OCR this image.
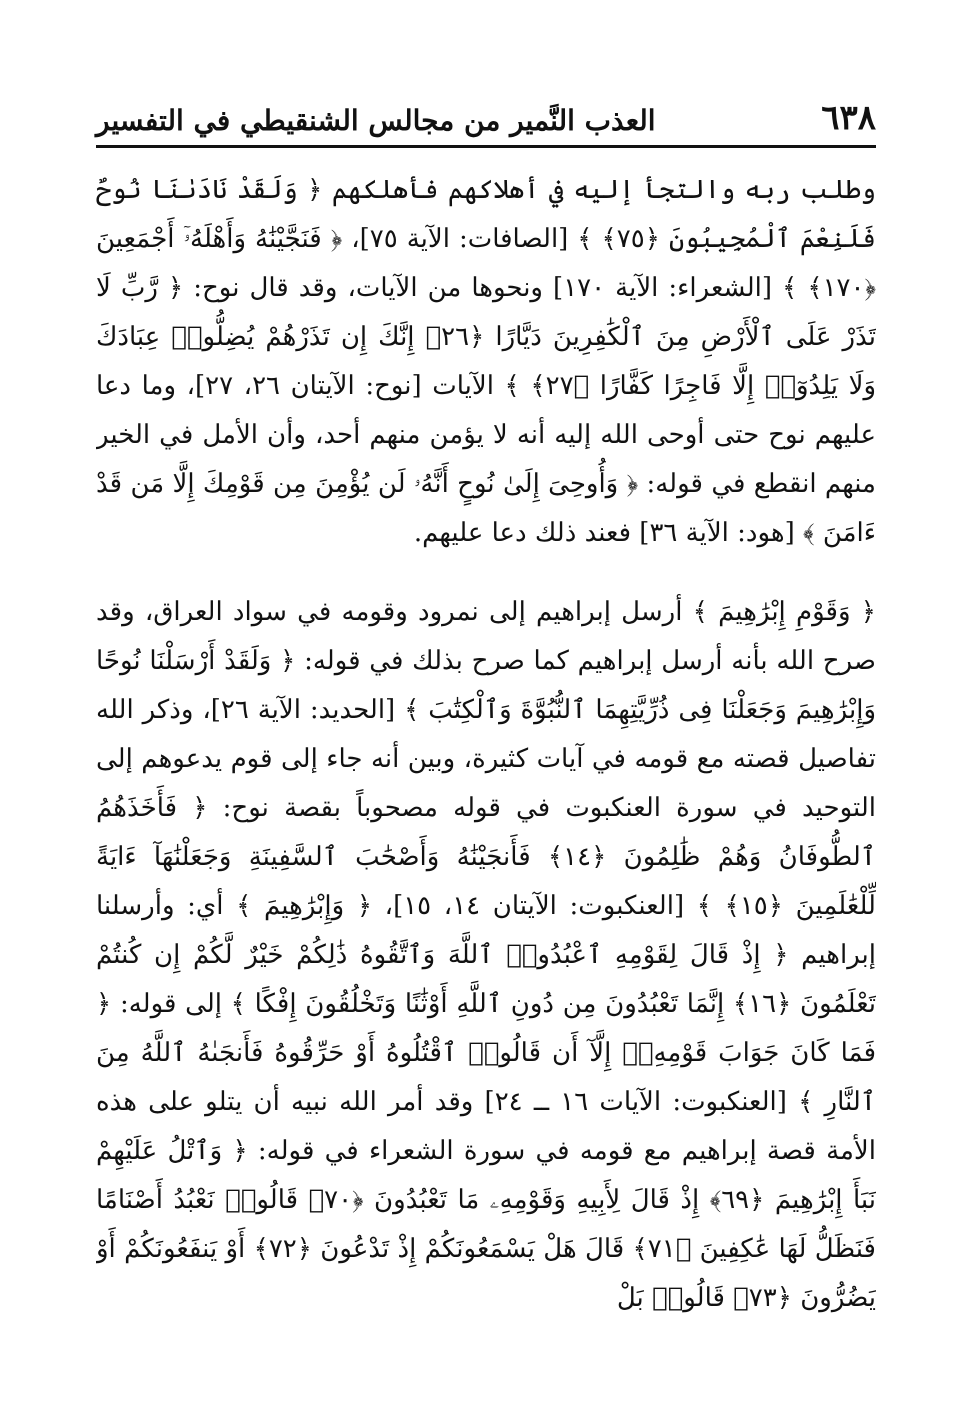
٦٣٨
العذب النَّمير من مجالس الشنقيطي في التفسير

وطلب ربه والتجأ إليه في أهلاكهم فأهلكهم ﴿ وَلَقَدْ نَادَىٰنَا نُوحٌ فَلَنِعْمَ ٱلْمُجِيبُونَ ﴿٧٥﴾ ﴾ [الصافات: الآية ٧٥]، ﴿ فَنَجَّيْنَٰهُ وَأَهْلَهُۥٓ أَجْمَعِينَ ﴿١٧٠﴾ ﴾ [الشعراء: الآية ١٧٠] ونحوها من الآيات، وقد قال نوح: ﴿ رَّبِّ لَا تَذَرْ عَلَى ٱلْأَرْضِ مِنَ ٱلْكَٰفِرِينَ دَيَّارًا ﴿٢٦﴾ إِنَّكَ إِن تَذَرْهُمْ يُضِلُّوا۟ عِبَادَكَ وَلَا يَلِدُوٓا۟ إِلَّا فَاجِرًا كَفَّارًا ﴿٢٧﴾ ﴾ الآيات [نوح: الآيتان ٢٦، ٢٧]، وما دعا عليهم نوح حتى أوحى الله إليه أنه لا يؤمن منهم أحد، وأن الأمل في الخير منهم انقطع في قوله: ﴿ وَأُوحِىَ إِلَىٰ نُوحٍ أَنَّهُۥ لَن يُؤْمِنَ مِن قَوْمِكَ إِلَّا مَن قَدْ ءَامَنَ ﴾ [هود: الآية ٣٦] فعند ذلك دعا عليهم.

﴿ وَقَوْمِ إِبْرَٰهِيمَ ﴾ أرسل إبراهيم إلى نمرود وقومه في سواد العراق، وقد صرح الله بأنه أرسل إبراهيم كما صرح بذلك في قوله: ﴿ وَلَقَدْ أَرْسَلْنَا نُوحًا وَإِبْرَٰهِيمَ وَجَعَلْنَا فِى ذُرِّيَّتِهِمَا ٱلنُّبُوَّةَ وَٱلْكِتَٰبَ ﴾ [الحديد: الآية ٢٦]، وذكر الله تفاصيل قصته مع قومه في آيات كثيرة، وبين أنه جاء إلى قوم يدعوهم إلى التوحيد في سورة العنكبوت في قوله مصحوباً بقصة نوح: ﴿ فَأَخَذَهُمُ ٱلطُّوفَانُ وَهُمْ ظَٰلِمُونَ ﴿١٤﴾ فَأَنجَيْنَٰهُ وَأَصْحَٰبَ ٱلسَّفِينَةِ وَجَعَلْنَٰهَآ ءَايَةً لِّلْعَٰلَمِينَ ﴿١٥﴾ ﴾ [العنكبوت: الآيتان ١٤، ١٥]، ﴿ وَإِبْرَٰهِيمَ ﴾ أي: وأرسلنا إبراهيم ﴿ إِذْ قَالَ لِقَوْمِهِ ٱعْبُدُوا۟ ٱللَّهَ وَٱتَّقُوهُ ذَٰلِكُمْ خَيْرٌ لَّكُمْ إِن كُنتُمْ تَعْلَمُونَ ﴿١٦﴾ إِنَّمَا تَعْبُدُونَ مِن دُونِ ٱللَّهِ أَوْثَٰنًا وَتَخْلُقُونَ إِفْكًا ﴾ إلى قوله: ﴿ فَمَا كَانَ جَوَابَ قَوْمِهِۦٓ إِلَّآ أَن قَالُوا۟ ٱقْتُلُوهُ أَوْ حَرِّقُوهُ فَأَنجَىٰهُ ٱللَّهُ مِنَ ٱلنَّارِ ﴾ [العنكبوت: الآيات ١٦ ــ ٢٤] وقد أمر الله نبيه أن يتلو على هذه الأمة قصة إبراهيم مع قومه في سورة الشعراء في قوله: ﴿ وَٱتْلُ عَلَيْهِمْ نَبَأَ إِبْرَٰهِيمَ ﴿٦٩﴾ إِذْ قَالَ لِأَبِيهِ وَقَوْمِهِۦ مَا تَعْبُدُونَ ﴿٧٠﴾ قَالُوا۟ نَعْبُدُ أَصْنَامًا فَنَظَلُّ لَهَا عَٰكِفِينَ ﴿٧١﴾ قَالَ هَلْ يَسْمَعُونَكُمْ إِذْ تَدْعُونَ ﴿٧٢﴾ أَوْ يَنفَعُونَكُمْ أَوْ يَضُرُّونَ ﴿٧٣﴾ قَالُوا۟ بَلْ
